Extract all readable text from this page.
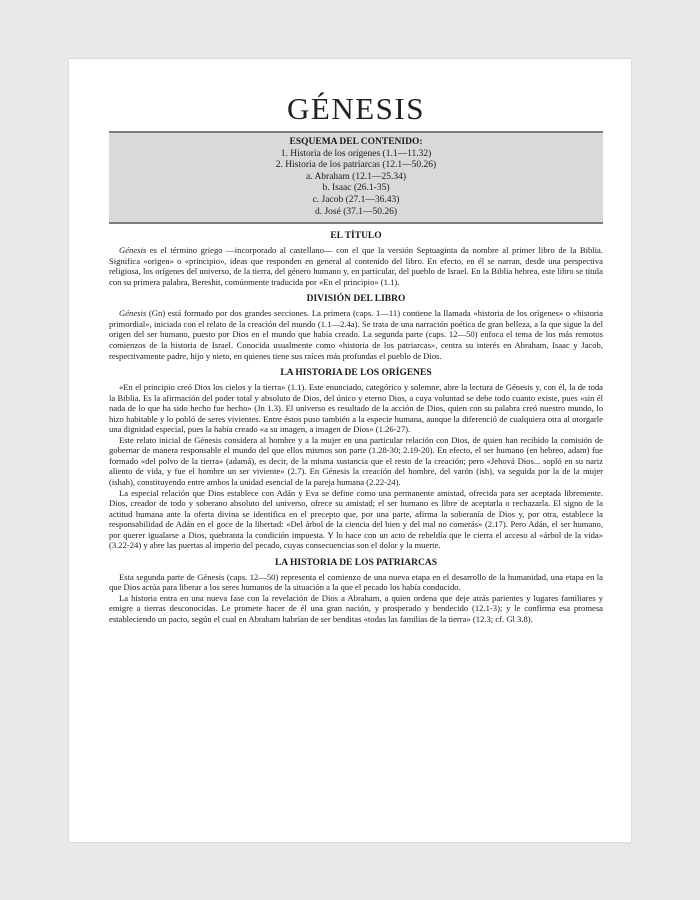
GÉNESIS
ESQUEMA DEL CONTENIDO:
1. Historia de los orígenes (1.1—11.32)
2. Historia de los patriarcas (12.1—50.26)
a. Abraham (12.1—25.34)
b. Isaac (26.1-35)
c. Jacob (27.1—36.43)
d. José (37.1—50.26)
EL TÍTULO

Génesis es el término griego —incorporado al castellano— con el que la versión Septuaginta da nombre al primer libro de la Biblia. Significa «origen» o «principio», ideas que responden en general al contenido del libro. En efecto, en él se narran, desde una perspectiva religiosa, los orígenes del universo, de la tierra, del género humano y, en particular, del pueblo de Israel. En la Biblia hebrea, este libro se titula con su primera palabra, Bereshit, comúnmente traducida por «En el principio» (1.1).

DIVISIÓN DEL LIBRO

Génesis (Gn) está formado por dos grandes secciones. La primera (caps. 1—11) contiene la llamada «historia de los orígenes» o «historia primordial», iniciada con el relato de la creación del mundo (1.1—2.4a). Se trata de una narración poética de gran belleza, a la que sigue la del origen del ser humano, puesto por Dios en el mundo que había creado. La segunda parte (caps. 12—50) enfoca el tema de los más remotos comienzos de la historia de Israel. Conocida usualmente como «historia de los patriarcas», centra su interés en Abraham, Isaac y Jacob, respectivamente padre, hijo y nieto, en quienes tiene sus raíces más profundas el pueblo de Dios.

LA HISTORIA DE LOS ORÍGENES

«En el principio creó Dios los cielos y la tierra» (1.1). Este enunciado, categórico y solemne, abre la lectura de Génesis y, con él, la de toda la Biblia. Es la afirmación del poder total y absoluto de Dios, del único y eterno Dios, a cuya voluntad se debe todo cuanto existe, pues «sin él nada de lo que ha sido hecho fue hecho» (Jn 1.3). El universo es resultado de la acción de Dios, quien con su palabra creó nuestro mundo, lo hizo habitable y lo pobló de seres vivientes. Entre éstos puso también a la especie humana, aunque la diferenció de cualquiera otra al otorgarle una dignidad especial, pues la había creado «a su imagen, a imagen de Dios» (1.26-27).

Este relato inicial de Génesis considera al hombre y a la mujer en una particular relación con Dios, de quien han recibido la comisión de gobernar de manera responsable el mundo del que ellos mismos son parte (1.28-30; 2.19-20). En efecto, el ser humano (en hebreo, adam) fue formado «del polvo de la tierra» (adamá), es decir, de la misma sustancia que el resto de la creación; pero «Jehová Dios... sopló en su nariz aliento de vida, y fue el hombre un ser viviente» (2.7). En Génesis la creación del hombre, del varón (ish), va seguida por la de la mujer (ishah), constituyendo entre ambos la unidad esencial de la pareja humana (2.22-24).

La especial relación que Dios establece con Adán y Eva se define como una permanente amistad, ofrecida para ser aceptada libremente. Dios, creador de todo y soberano absoluto del universo, ofrece su amistad; el ser humano es libre de aceptarla o rechazarla. El signo de la actitud humana ante la oferta divina se identifica en el precepto que, por una parte, afirma la soberanía de Dios y, por otra, establece la responsabilidad de Adán en el goce de la libertad: «Del árbol de la ciencia del bien y del mal no comerás» (2.17). Pero Adán, el ser humano, por querer igualarse a Dios, quebranta la condición impuesta. Y lo hace con un acto de rebeldía que le cierra el acceso al «árbol de la vida» (3.22-24) y abre las puertas al imperio del pecado, cuyas consecuencias son el dolor y la muerte.

LA HISTORIA DE LOS PATRIARCAS

Esta segunda parte de Génesis (caps. 12—50) representa el comienzo de una nueva etapa en el desarrollo de la humanidad, una etapa en la que Dios actúa para liberar a los seres humanos de la situación a la que el pecado los había conducido.

La historia entra en una nueva fase con la revelación de Dios a Abraham, a quien ordena que deje atrás parientes y lugares familiares y emigre a tierras desconocidas. Le promete hacer de él una gran nación, y prosperado y bendecido (12.1-3); y le confirma esa promesa estableciendo un pacto, según el cual en Abraham habrían de ser benditas «todas las familias de la tierra» (12.3; cf. Gl 3.8).
